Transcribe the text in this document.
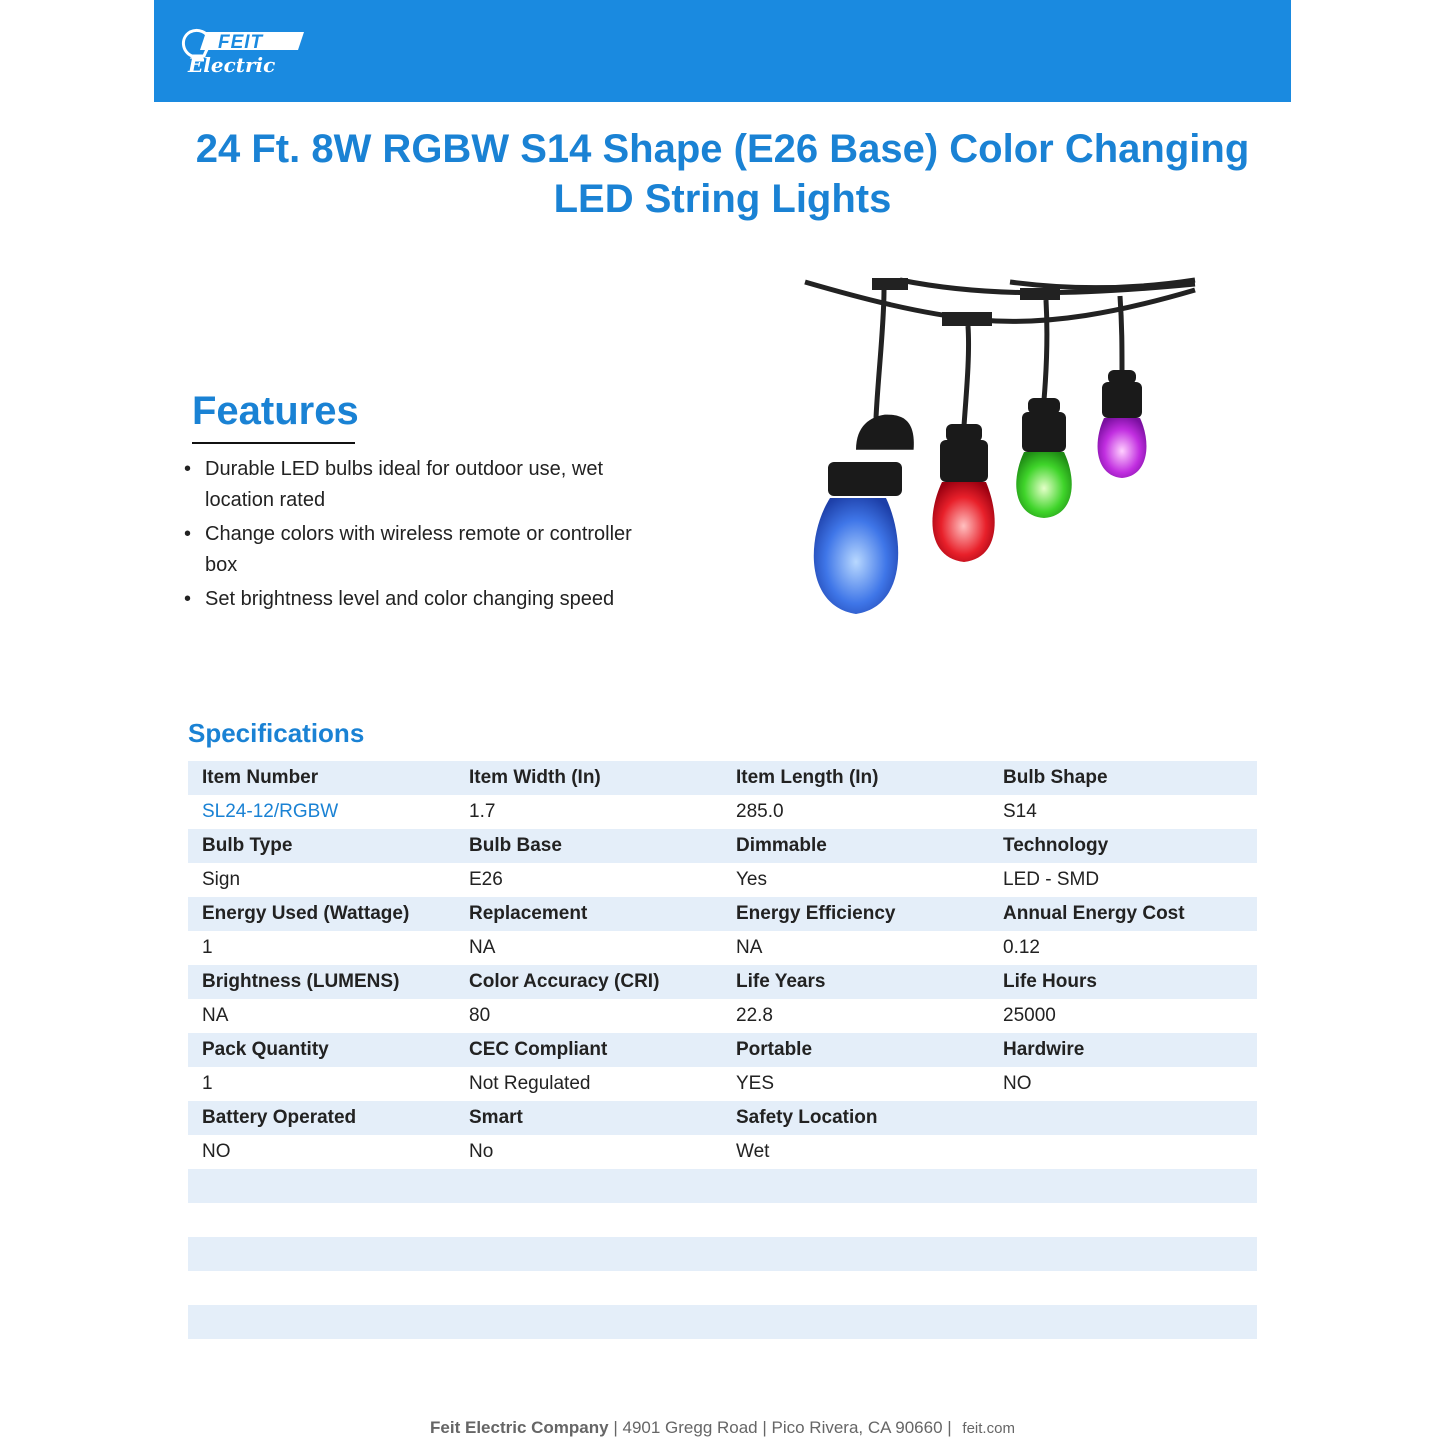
FEIT
Electric
24 Ft. 8W RGBW S14 Shape (E26 Base) Color Changing
LED String Lights
Features
• Durable LED bulbs ideal for outdoor use, wet location rated
• Change colors with wireless remote or controller box
• Set brightness level and color changing speed
Specifications
Item Number	Item Width (In)	Item Length (In)	Bulb Shape
SL24-12/RGBW	1.7	285.0	S14
Bulb Type	Bulb Base	Dimmable	Technology
Sign	E26	Yes	LED - SMD
Energy Used (Wattage)	Replacement	Energy Efficiency	Annual Energy Cost
1	NA	NA	0.12
Brightness (LUMENS)	Color Accuracy (CRI)	Life Years	Life Hours
NA	80	22.8	25000
Pack Quantity	CEC Compliant	Portable	Hardwire
1	Not Regulated	YES	NO
Battery Operated	Smart	Safety Location
NO	No	Wet
Feit Electric Company | 4901 Gregg Road | Pico Rivera, CA 90660 | feit.com
